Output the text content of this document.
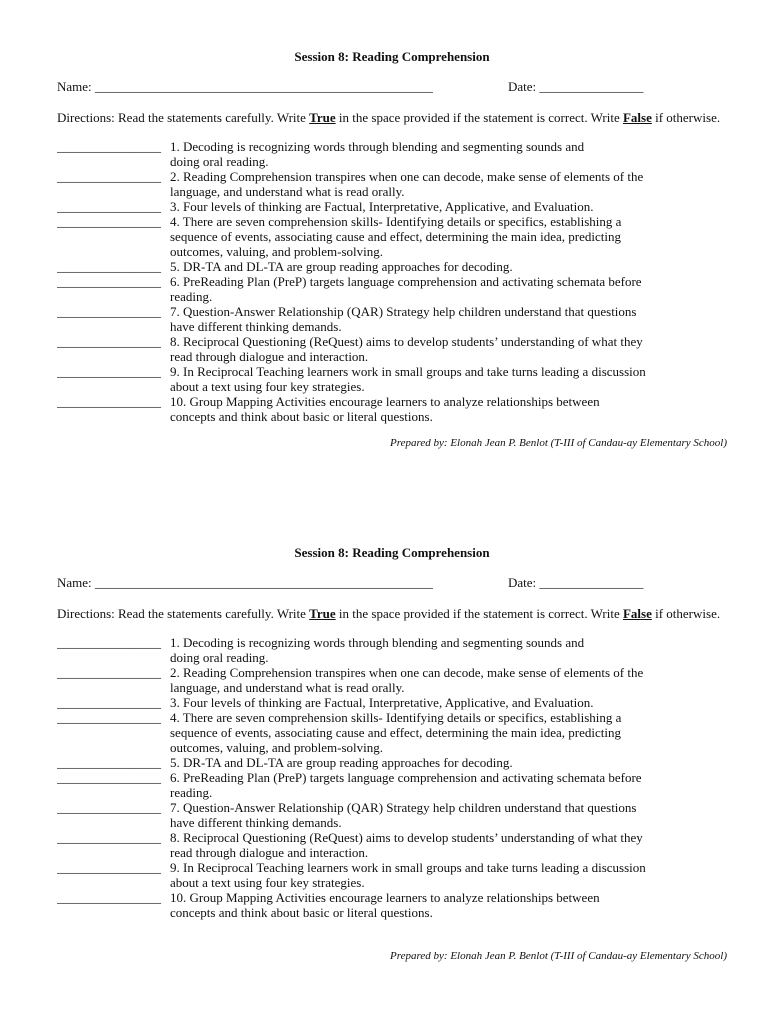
Session 8: Reading Comprehension
Name: ____________________________________________________	Date: ________________
Directions: Read the statements carefully. Write True in the space provided if the statement is correct. Write False if otherwise.
________________ 1. Decoding is recognizing words through blending and segmenting sounds and
doing oral reading.
________________ 2. Reading Comprehension transpires when one can decode, make sense of elements of the
language, and understand what is read orally.
________________ 3. Four levels of thinking are Factual, Interpretative, Applicative, and Evaluation.
________________ 4. There are seven comprehension skills- Identifying details or specifics, establishing a
sequence of events, associating cause and effect, determining the main idea, predicting
outcomes, valuing, and problem-solving.
________________ 5. DR-TA and DL-TA are group reading approaches for decoding.
________________ 6. PreReading Plan (PreP) targets language comprehension and activating schemata before
reading.
________________ 7. Question-Answer Relationship (QAR) Strategy help children understand that questions
have different thinking demands.
________________ 8. Reciprocal Questioning (ReQuest) aims to develop students’ understanding of what they
read through dialogue and interaction.
________________ 9. In Reciprocal Teaching learners work in small groups and take turns leading a discussion
about a text using four key strategies.
________________ 10. Group Mapping Activities encourage learners to analyze relationships between
concepts and think about basic or literal questions.
Prepared by: Elonah Jean P. Benlot (T-III of Candau-ay Elementary School)
Session 8: Reading Comprehension
Name: ____________________________________________________	Date: ________________
Directions: Read the statements carefully. Write True in the space provided if the statement is correct. Write False if otherwise.
________________ 1. Decoding is recognizing words through blending and segmenting sounds and
doing oral reading.
________________ 2. Reading Comprehension transpires when one can decode, make sense of elements of the
language, and understand what is read orally.
________________ 3. Four levels of thinking are Factual, Interpretative, Applicative, and Evaluation.
________________ 4. There are seven comprehension skills- Identifying details or specifics, establishing a
sequence of events, associating cause and effect, determining the main idea, predicting
outcomes, valuing, and problem-solving.
________________ 5. DR-TA and DL-TA are group reading approaches for decoding.
________________ 6. PreReading Plan (PreP) targets language comprehension and activating schemata before
reading.
________________ 7. Question-Answer Relationship (QAR) Strategy help children understand that questions
have different thinking demands.
________________ 8. Reciprocal Questioning (ReQuest) aims to develop students’ understanding of what they
read through dialogue and interaction.
________________ 9. In Reciprocal Teaching learners work in small groups and take turns leading a discussion
about a text using four key strategies.
________________ 10. Group Mapping Activities encourage learners to analyze relationships between
concepts and think about basic or literal questions.
Prepared by: Elonah Jean P. Benlot (T-III of Candau-ay Elementary School)
